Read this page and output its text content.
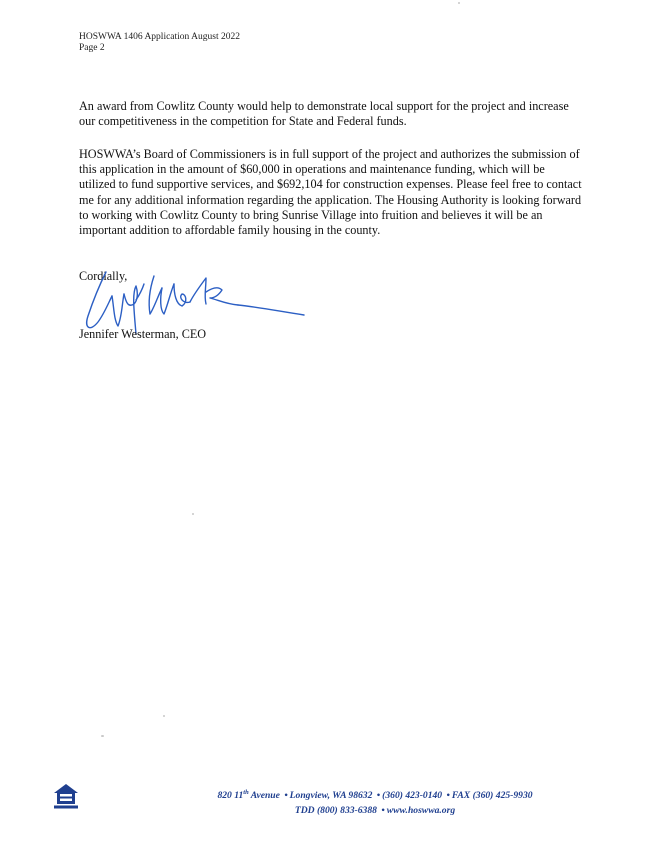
HOSWWA 1406 Application August 2022
Page 2
An award from Cowlitz County would help to demonstrate local support for the project and increase our competitiveness in the competition for State and Federal funds.
HOSWWA’s Board of Commissioners is in full support of the project and authorizes the submission of this application in the amount of $60,000 in operations and maintenance funding, which will be utilized to fund supportive services, and $692,104 for construction expenses. Please feel free to contact me for any additional information regarding the application. The Housing Authority is looking forward to working with Cowlitz County to bring Sunrise Village into fruition and believes it will be an important addition to affordable family housing in the county.
Cordially,
Jennifer Westerman, CEO
820 11th Avenue • Longview, WA 98632 • (360) 423-0140 • FAX (360) 425-9930
TDD (800) 833-6388 • www.hoswwa.org
